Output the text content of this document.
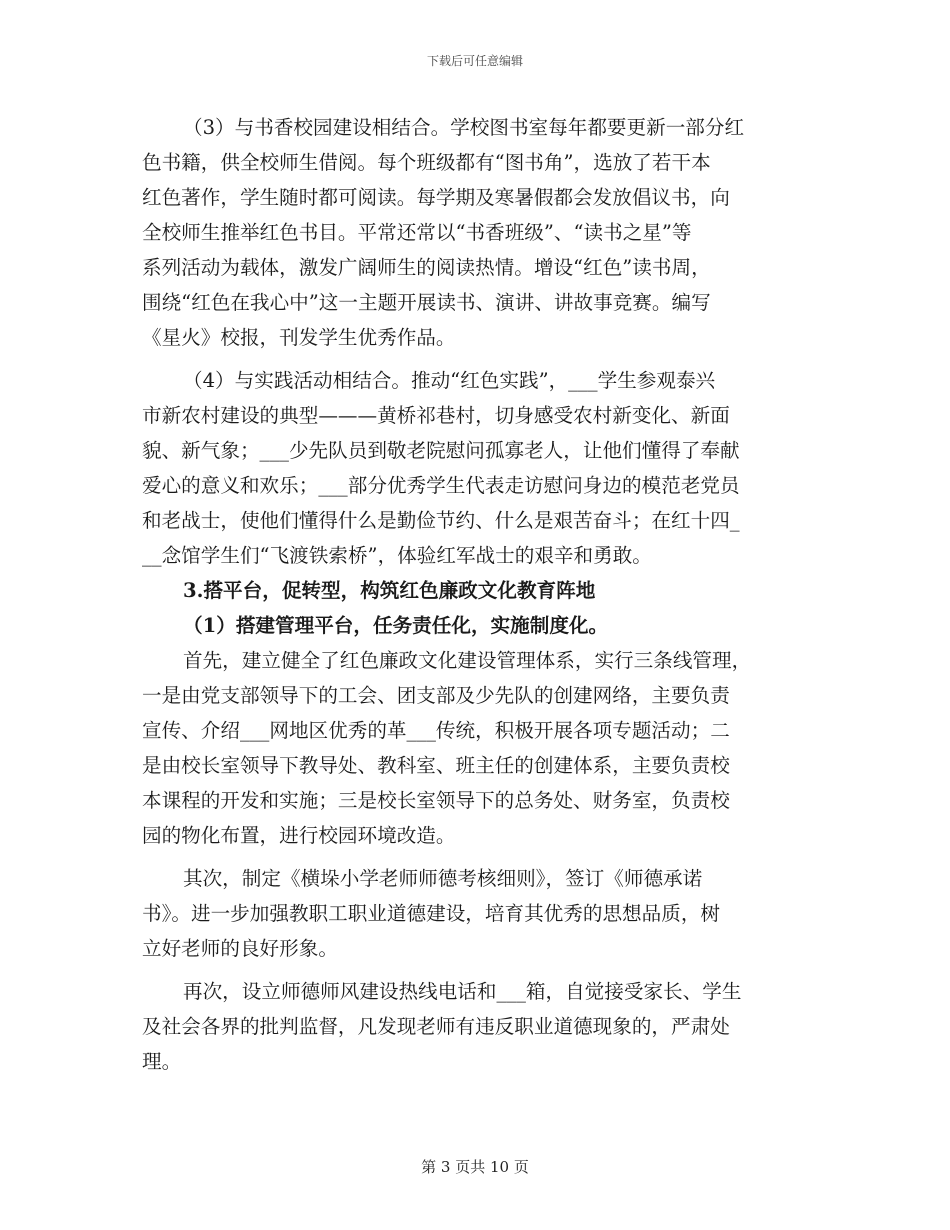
下载后可任意编辑
（3）与书香校园建设相结合。学校图书室每年都要更新一部分红
色书籍，供全校师生借阅。每个班级都有“图书角”，选放了若干本
红色著作，学生随时都可阅读。每学期及寒暑假都会发放倡议书，向
全校师生推举红色书目。平常还常以“书香班级”、“读书之星”等
系列活动为载体，激发广阔师生的阅读热情。增设“红色”读书周，
围绕“红色在我心中”这一主题开展读书、演讲、讲故事竞赛。编写
《星火》校报，刊发学生优秀作品。
（4）与实践活动相结合。推动“红色实践”，___学生参观泰兴
市新农村建设的典型———黄桥祁巷村，切身感受农村新变化、新面
貌、新气象；___少先队员到敬老院慰问孤寡老人，让他们懂得了奉献
爱心的意义和欢乐；___部分优秀学生代表走访慰问身边的模范老党员
和老战士，使他们懂得什么是勤俭节约、什么是艰苦奋斗；在红十四_
__念馆学生们“飞渡铁索桥”，体验红军战士的艰辛和勇敢。
3.搭平台，促转型，构筑红色廉政文化教育阵地
（1）搭建管理平台，任务责任化，实施制度化。
首先，建立健全了红色廉政文化建设管理体系，实行三条线管理，
一是由党支部领导下的工会、团支部及少先队的创建网络，主要负责
宣传、介绍___网地区优秀的革___传统，积极开展各项专题活动；二
是由校长室领导下教导处、教科室、班主任的创建体系，主要负责校
本课程的开发和实施；三是校长室领导下的总务处、财务室，负责校
园的物化布置，进行校园环境改造。
其次，制定《横垛小学老师师德考核细则》，签订《师德承诺
书》。进一步加强教职工职业道德建设，培育其优秀的思想品质，树
立好老师的良好形象。
再次，设立师德师风建设热线电话和___箱，自觉接受家长、学生
及社会各界的批判监督，凡发现老师有违反职业道德现象的，严肃处
理。
第 3 页共 10 页
